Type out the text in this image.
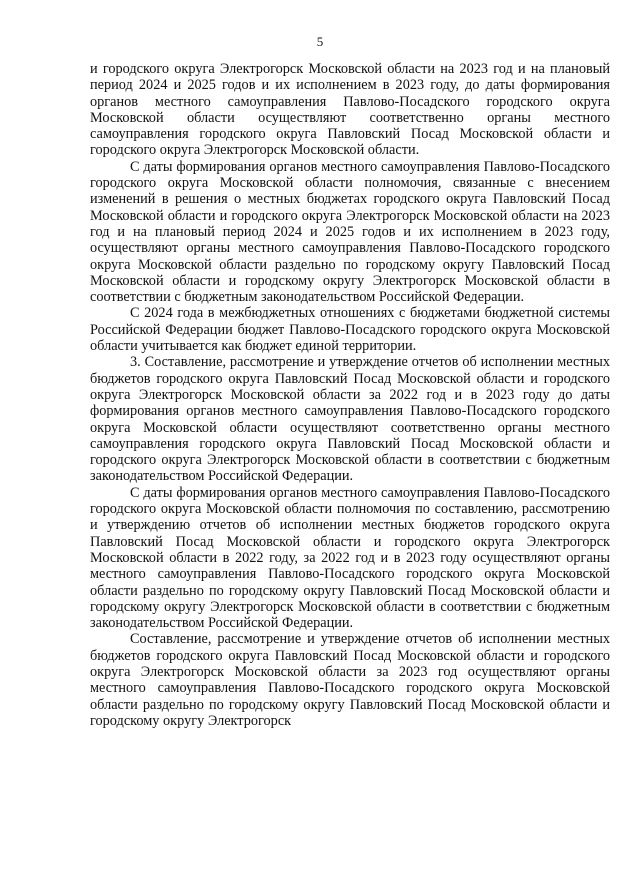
5

и городского округа Электрогорск Московской области на 2023 год и на плановый период 2024 и 2025 годов и их исполнением в 2023 году, до даты формирования органов местного самоуправления Павлово-Посадского городского округа Московской области осуществляют соответственно органы местного самоуправления городского округа Павловский Посад Московской области и городского округа Электрогорск Московской области.

С даты формирования органов местного самоуправления Павлово-Посадского городского округа Московской области полномочия, связанные с внесением изменений в решения о местных бюджетах городского округа Павловский Посад Московской области и городского округа Электрогорск Московской области на 2023 год и на плановый период 2024 и 2025 годов и их исполнением в 2023 году, осуществляют органы местного самоуправления Павлово-Посадского городского округа Московской области раздельно по городскому округу Павловский Посад Московской области и городскому округу Электрогорск Московской области в соответствии с бюджетным законодательством Российской Федерации.

С 2024 года в межбюджетных отношениях с бюджетами бюджетной системы Российской Федерации бюджет Павлово-Посадского городского округа Московской области учитывается как бюджет единой территории.

3. Составление, рассмотрение и утверждение отчетов об исполнении местных бюджетов городского округа Павловский Посад Московской области и городского округа Электрогорск Московской области за 2022 год и в 2023 году до даты формирования органов местного самоуправления Павлово-Посадского городского округа Московской области осуществляют соответственно органы местного самоуправления городского округа Павловский Посад Московской области и городского округа Электрогорск Московской области в соответствии с бюджетным законодательством Российской Федерации.

С даты формирования органов местного самоуправления Павлово-Посадского городского округа Московской области полномочия по составлению, рассмотрению и утверждению отчетов об исполнении местных бюджетов городского округа Павловский Посад Московской области и городского округа Электрогорск Московской области в 2022 году, за 2022 год и в 2023 году осуществляют органы местного самоуправления Павлово-Посадского городского округа Московской области раздельно по городскому округу Павловский Посад Московской области и городскому округу Электрогорск Московской области в соответствии с бюджетным законодательством Российской Федерации.

Составление, рассмотрение и утверждение отчетов об исполнении местных бюджетов городского округа Павловский Посад Московской области и городского округа Электрогорск Московской области за 2023 год осуществляют органы местного самоуправления Павлово-Посадского городского округа Московской области раздельно по городскому округу Павловский Посад Московской области и городскому округу Электрогорск
